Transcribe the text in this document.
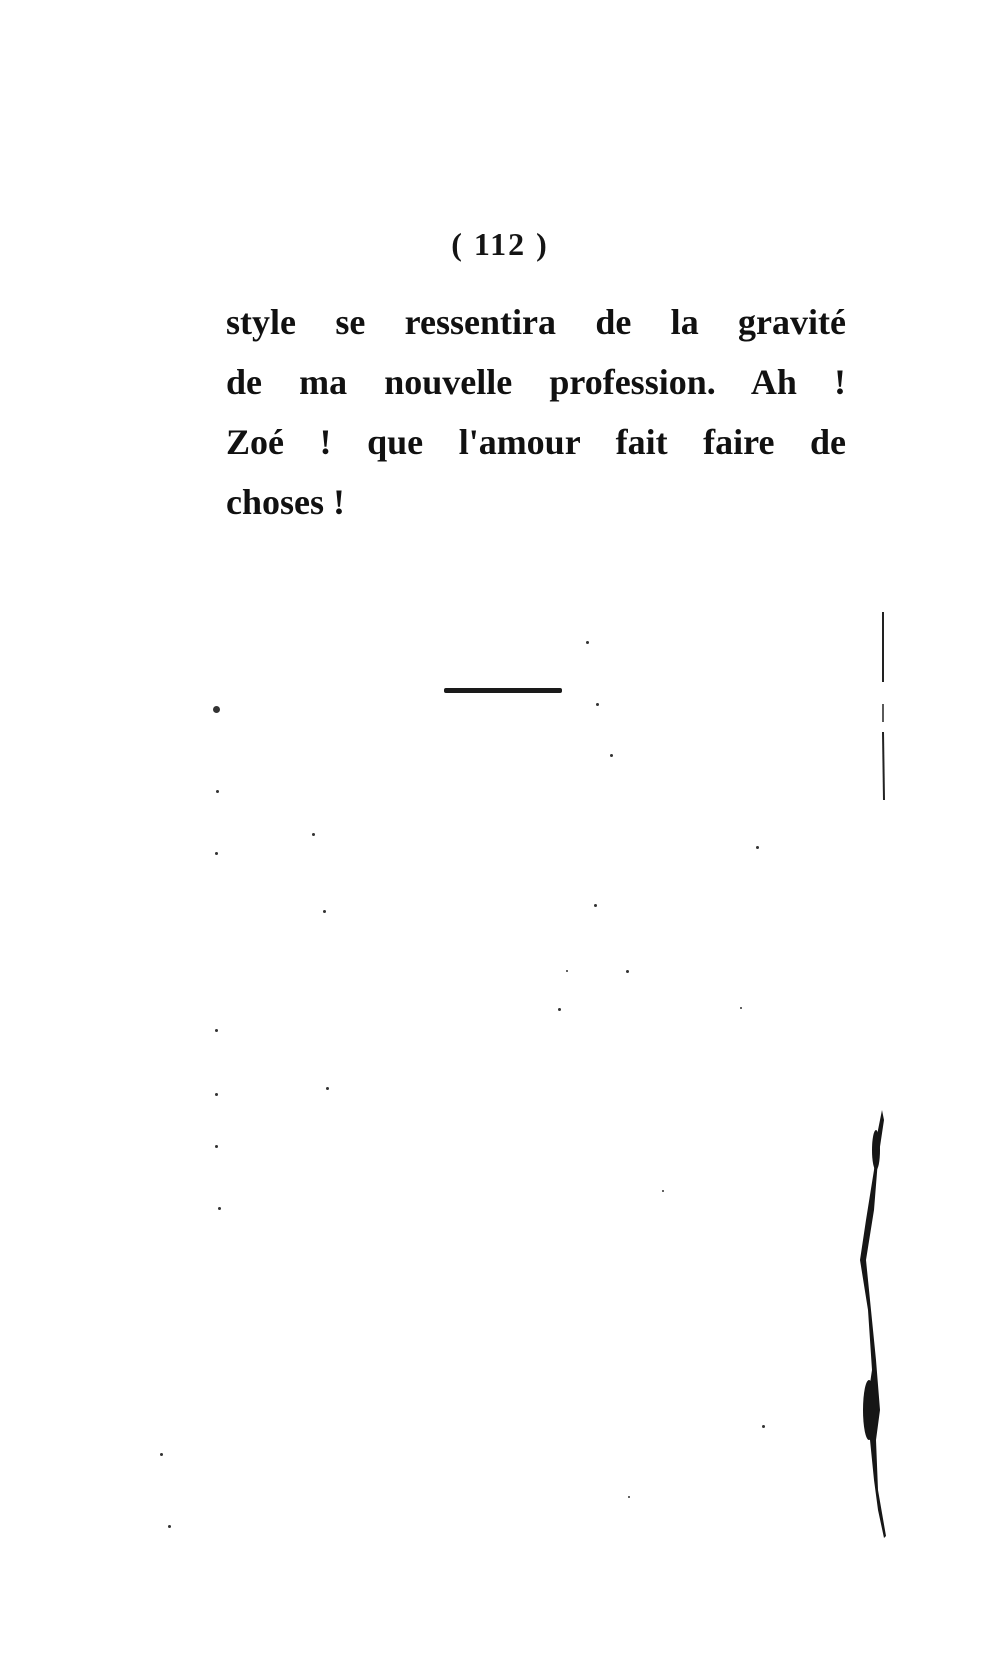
( 112 )
style se ressentira de la gravité
de ma nouvelle profession. Ah !
Zoé ! que l'amour fait faire de
choses !
